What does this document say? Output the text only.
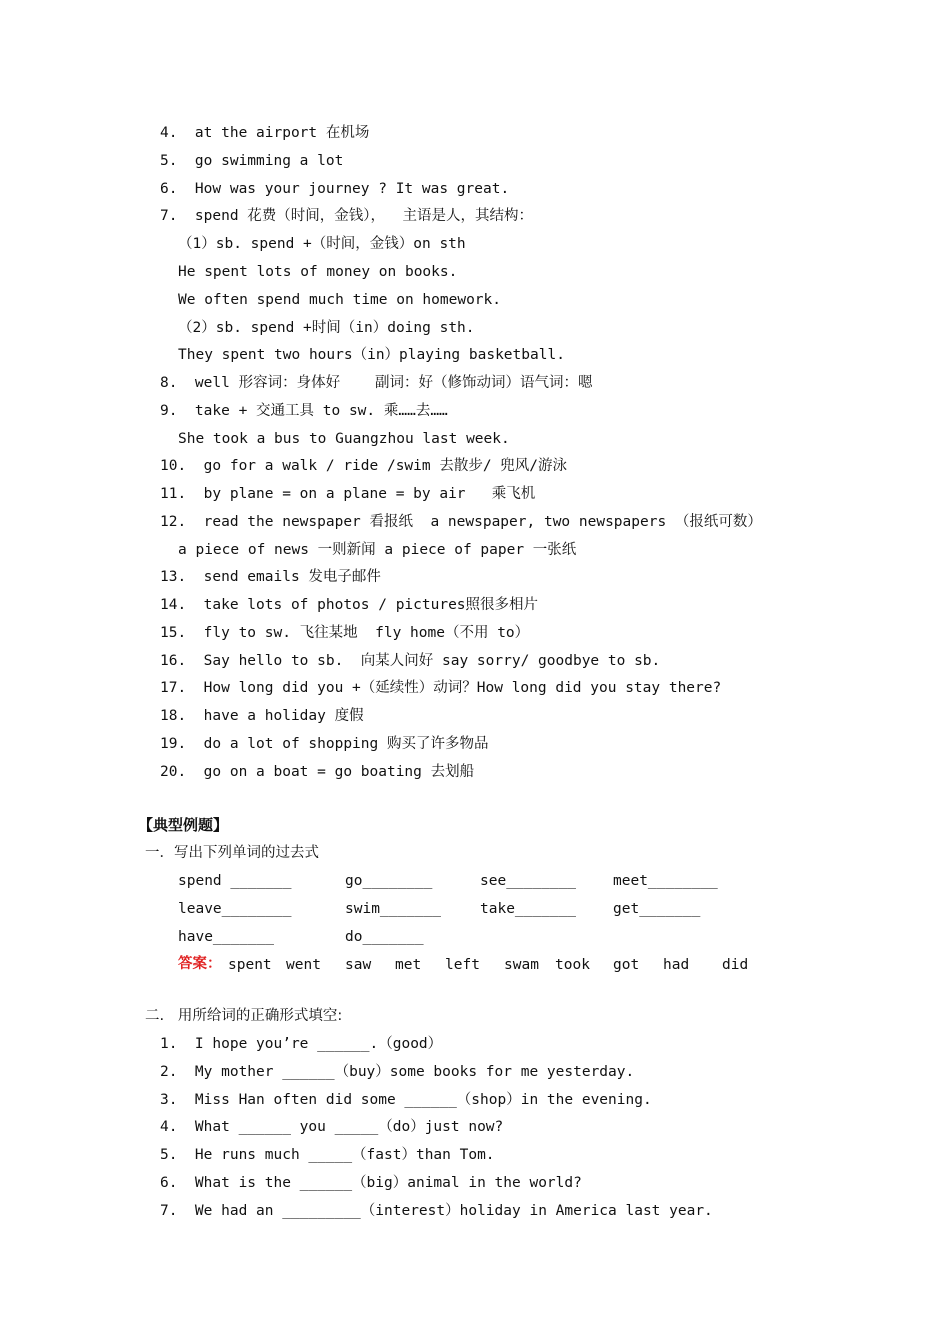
4.  at the airport 在机场
5.  go swimming a lot
6.  How was your journey ? It was great.
7.  spend 花费（时间，金钱），  主语是人，其结构：
（1）sb. spend +（时间，金钱）on sth
He spent lots of money on books.
We often spend much time on homework.
（2）sb. spend +时间（in）doing sth.
They spent two hours（in）playing basketball.
8.  well 形容词：身体好    副词：好（修饰动词）语气词：嗯
9.  take + 交通工具 to sw. 乘……去……
She took a bus to Guangzhou last week.
10.  go for a walk / ride /swim 去散步/ 兜风/游泳
11.  by plane = on a plane = by air   乘飞机
12.  read the newspaper 看报纸  a newspaper, two newspapers （报纸可数）
a piece of news 一则新闻 a piece of paper 一张纸
13.  send emails 发电子邮件
14.  take lots of photos / pictures照很多相片
15.  fly to sw. 飞往某地  fly home（不用 to）
16.  Say hello to sb.  向某人问好 say sorry/ goodbye to sb.
17.  How long did you +（延续性）动词？How long did you stay there?
18.  have a holiday 度假
19.  do a lot of shopping 购买了许多物品
20.  go on a boat = go boating 去划船
【典型例题】
一．写出下列单词的过去式
spend _______	go________	see________	meet________
leave________	swim_______	take_______	get_______
have_______	do_______
答案： spent went saw met left swam took got had did
二.   用所给词的正确形式填空:
1.  I hope you’re ______.（good）
2.  My mother ______（buy）some books for me yesterday.
3.  Miss Han often did some ______（shop）in the evening.
4.  What ______ you _____（do）just now?
5.  He runs much _____（fast）than Tom.
6.  What is the ______（big）animal in the world?
7.  We had an _________（interest）holiday in America last year.
